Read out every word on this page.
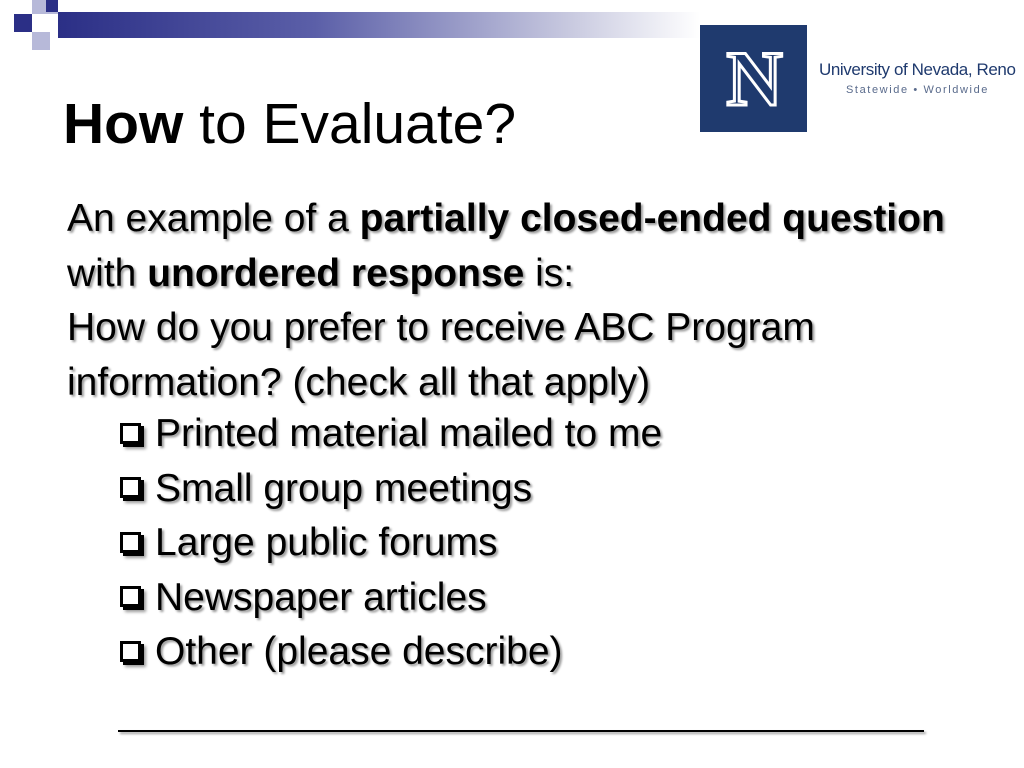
N University of Nevada, Reno
Statewide • Worldwide
How to Evaluate?

An example of a partially closed-ended question with unordered response is:

How do you prefer to receive ABC Program information? (check all that apply)

Printed material mailed to me
Small group meetings
Large public forums
Newspaper articles
Other (please describe)
